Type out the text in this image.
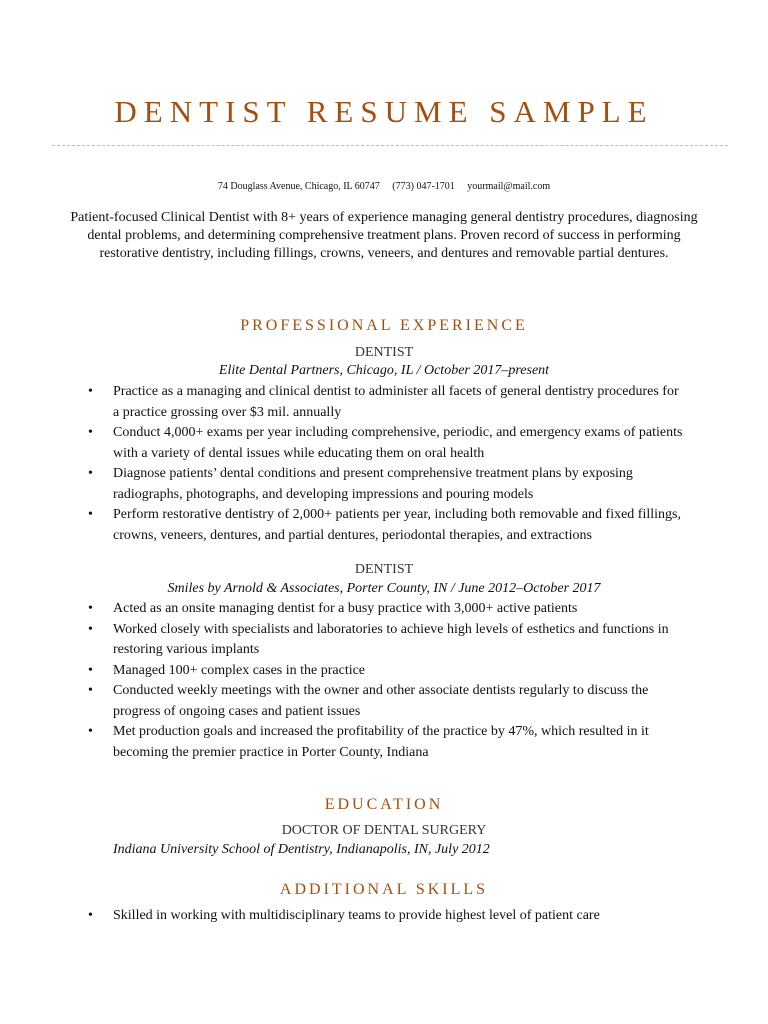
DENTIST RESUME SAMPLE
74 Douglass Avenue, Chicago, IL 60747 (773) 047-1701 yourmail@mail.com
Patient-focused Clinical Dentist with 8+ years of experience managing general dentistry procedures, diagnosing dental problems, and determining comprehensive treatment plans. Proven record of success in performing restorative dentistry, including fillings, crowns, veneers, and dentures and removable partial dentures.
PROFESSIONAL EXPERIENCE
DENTIST
Elite Dental Partners, Chicago, IL / October 2017–present
• Practice as a managing and clinical dentist to administer all facets of general dentistry procedures for a practice grossing over $3 mil. annually
• Conduct 4,000+ exams per year including comprehensive, periodic, and emergency exams of patients with a variety of dental issues while educating them on oral health
• Diagnose patients’ dental conditions and present comprehensive treatment plans by exposing radiographs, photographs, and developing impressions and pouring models
• Perform restorative dentistry of 2,000+ patients per year, including both removable and fixed fillings, crowns, veneers, dentures, and partial dentures, periodontal therapies, and extractions
DENTIST
Smiles by Arnold & Associates, Porter County, IN / June 2012–October 2017
• Acted as an onsite managing dentist for a busy practice with 3,000+ active patients
• Worked closely with specialists and laboratories to achieve high levels of esthetics and functions in restoring various implants
• Managed 100+ complex cases in the practice
• Conducted weekly meetings with the owner and other associate dentists regularly to discuss the progress of ongoing cases and patient issues
• Met production goals and increased the profitability of the practice by 47%, which resulted in it becoming the premier practice in Porter County, Indiana
EDUCATION
DOCTOR OF DENTAL SURGERY
Indiana University School of Dentistry, Indianapolis, IN, July 2012
ADDITIONAL SKILLS
• Skilled in working with multidisciplinary teams to provide highest level of patient care
